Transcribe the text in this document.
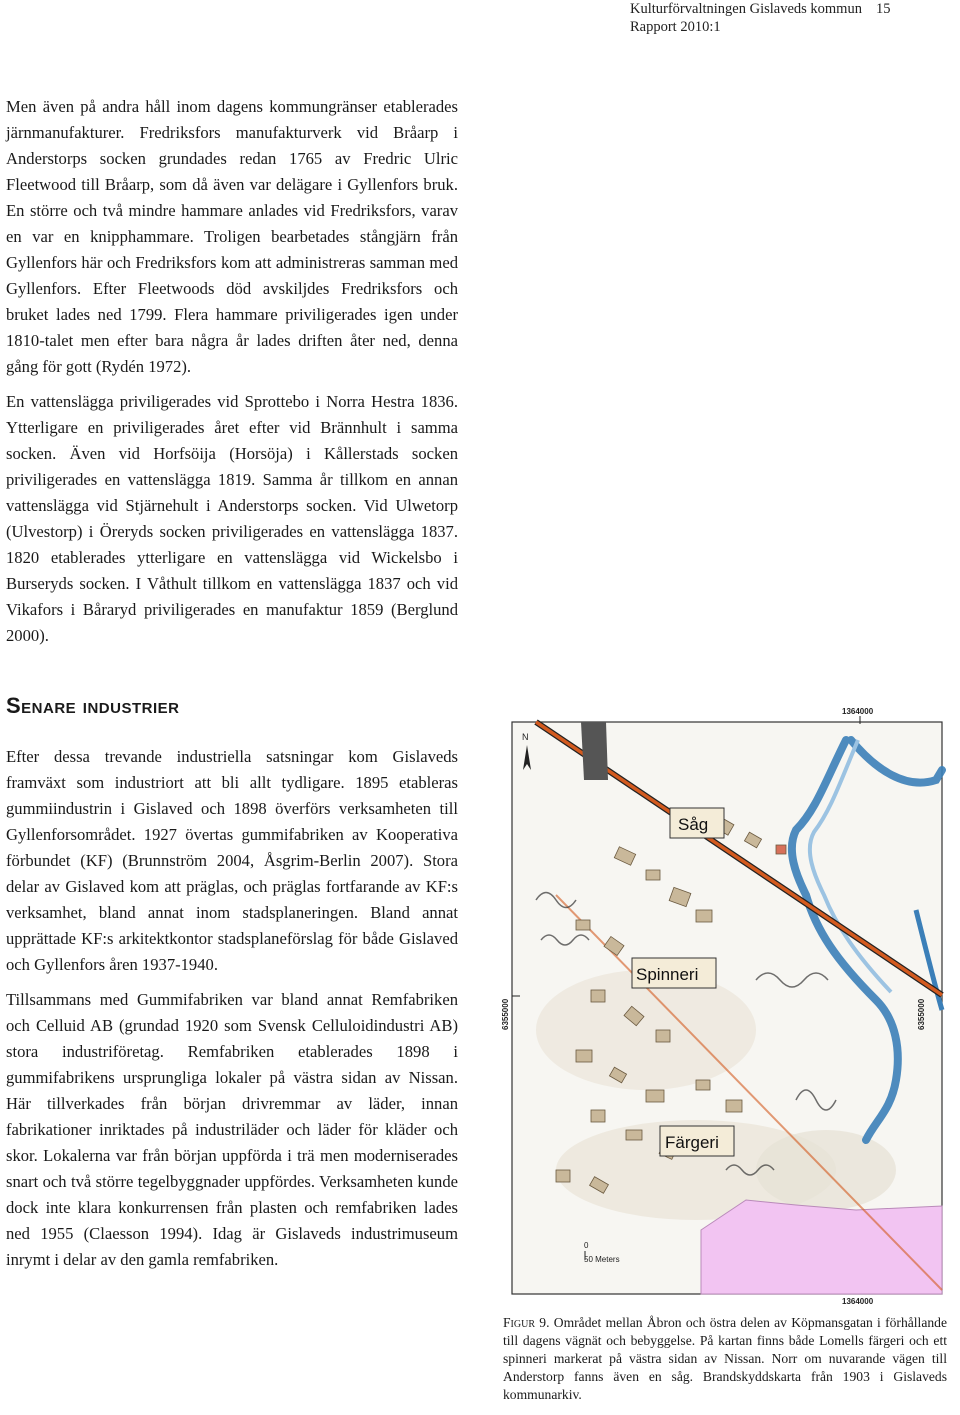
Kulturförvaltningen Gislaveds kommun 15
Rapport 2010:1

Men även på andra håll inom dagens kommungränser etablerades järnmanufakturer. Fredriksfors manufakturverk vid Bråarp i Anderstorps socken grundades redan 1765 av Fredric Ulric Fleetwood till Bråarp, som då även var delägare i Gyllenfors bruk. En större och två mindre hammare anlades vid Fredriksfors, varav en var en knipphammare. Troligen bearbetades stångjärn från Gyllenfors här och Fredriksfors kom att administreras samman med Gyllenfors. Efter Fleetwoods död avskiljdes Fredriksfors och bruket lades ned 1799. Flera hammare priviligerades igen under 1810-talet men efter bara några år lades driften åter ned, denna gång för gott (Rydén 1972).

En vattenslägga priviligerades vid Sprottebo i Norra Hestra 1836. Ytterligare en priviligerades året efter vid Brännhult i samma socken. Även vid Horfsöija (Horsöja) i Kållerstads socken priviligerades en vattenslägga 1819. Samma år tillkom en annan vattenslägga vid Stjärnehult i Anderstorps socken. Vid Ulwetorp (Ulvestorp) i Öreryds socken priviligerades en vattenslägga 1837. 1820 etablerades ytterligare en vattenslägga vid Wickelsbo i Burseryds socken. I Våthult tillkom en vattenslägga 1837 och vid Vikafors i Båraryd priviligerades en manufaktur 1859 (Berglund 2000).

Senare industrier

Efter dessa trevande industriella satsningar kom Gislaveds framväxt som industriort att bli allt tydligare. 1895 etableras gummiindustrin i Gislaved och 1898 överförs verksamheten till Gyllenforsområdet. 1927 övertas gummifabriken av Kooperativa förbundet (KF) (Brunnström 2004, Åsgrim-Berlin 2007). Stora delar av Gislaved kom att präglas, och präglas fortfarande av KF:s verksamhet, bland annat inom stadsplaneringen. Bland annat upprättade KF:s arkitektkontor stadsplaneförslag för både Gislaved och Gyllenfors åren 1937-1940.

Tillsammans med Gummifabriken var bland annat Remfabriken och Celluid AB (grundad 1920 som Svensk Celluloidindustri AB) stora industriföretag. Remfabriken etablerades 1898 i gummifabrikens ursprungliga lokaler på västra sidan av Nissan. Här tillverkades från början drivremmar av läder, innan fabrikationer inriktades på industriläder och läder för kläder och skor. Lokalerna var från början uppförda i trä men moderniserades snart och två större tegelbyggnader uppfördes. Verksamheten kunde dock inte klara konkurrensen från plasten och remfabriken lades ned 1955 (Claesson 1994). Idag är Gislaveds industrimuseum inrymt i delar av den gamla remfabriken.

N
1364000
1364000
6355000	6355000
Såg
Spinneri
Färgeri
0
50 Meters
Figur 9. Området mellan Åbron och östra delen av Köpmansgatan i förhållande till dagens vägnät och bebyggelse. På kartan finns både Lomells färgeri och ett spinneri markerat på västra sidan av Nissan. Norr om nuvarande vägen till Anderstorp fanns även en såg. Brandskyddskarta från 1903 i Gislaveds kommunarkiv.
